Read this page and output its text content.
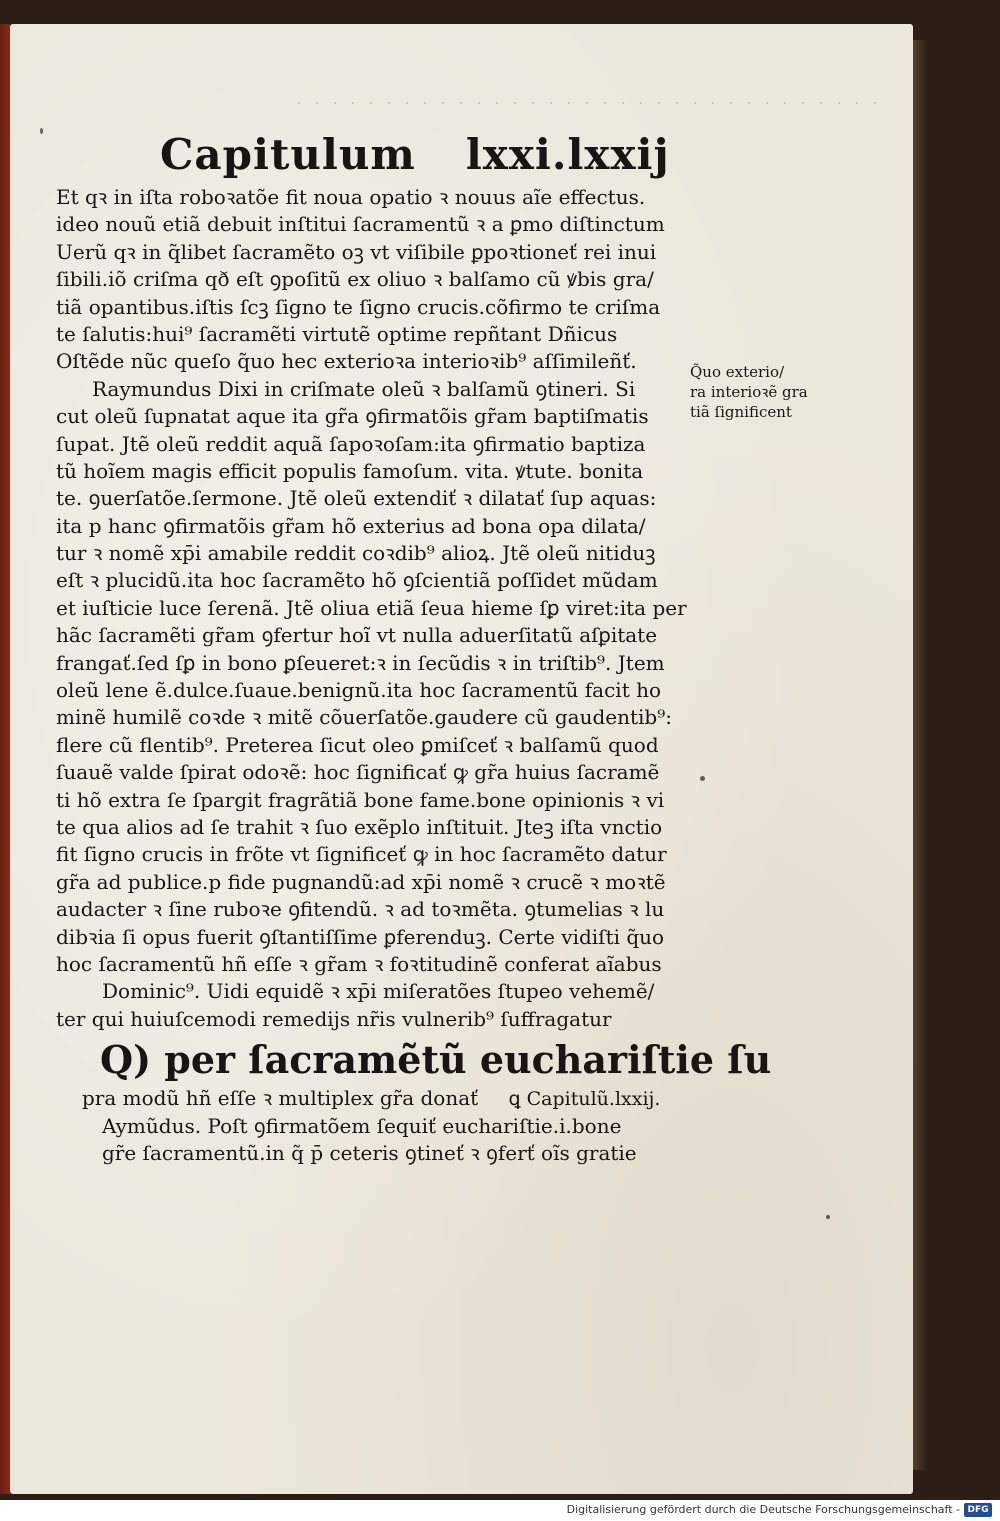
Capitulum lxxi.lxxij
Et qꝛ in iſta roboꝛatõe fit noua opatio ꝛ nouus aĩe effectus.
ideo nouũ etiã debuit inſtitui ſacramentũ ꝛ a ꝑmo diſtinctum
Uerũ qꝛ in q̃libet ſacramẽto oꝫ vt viſibile ꝑpoꝛtioneť rei inui
ſibili.iõ criſma qð eſt ꝯpoſitũ ex oliuo ꝛ balſamo cũ ꝟbis gra/
tiã opantibus.iſtis ſcꝫ ſigno te ſigno crucis.cõfirmo te criſma
te ſalutis:hui⁹ ſacramẽti virtutẽ optime repñtant Dñicus
Oſtẽde nũc queſo q̃uo hec exterioꝛa interioꝛib⁹ aſſimileñť.
Raymundus Dixi in criſmate oleũ ꝛ balſamũ ꝯtineri. Si
cut oleũ ſupnatat aque ita gr̃a ꝯfirmatõis gr̃am baptiſmatis
ſupat. Jtẽ oleũ reddit aquã ſapoꝛoſam:ita ꝯfirmatio baptiza
tũ hoĩem magis efficit populis famoſum. vita. ꝟtute. bonita
te. ꝯuerſatõe.ſermone. Jtẽ oleũ extendiť ꝛ dilatať ſup aquas:
ita p hanc ꝯfirmatõis gr̃am hõ exterius ad bona opa dilata/
tur ꝛ nomẽ xp̄i amabile reddit coꝛdib⁹ alioꝝ. Jtẽ oleũ nitiduꝫ
eſt ꝛ plucidũ.ita hoc ſacramẽto hõ ꝯſcientiã poſſidet mũdam
et iuſticie luce ſerenã. Jtẽ oliua etiã ſeua hieme ſꝑ viret:ita per
hãc ſacramẽti gr̃am ꝯfertur hoĩ vt nulla aduerſitatũ aſꝑitate
frangať.ſed ſꝑ in bono ꝑſeueret:ꝛ in ſecũdis ꝛ in triſtib⁹. Jtem
oleũ lene ẽ.dulce.ſuaue.benignũ.ita hoc ſacramentũ facit ho
minẽ humilẽ coꝛde ꝛ mitẽ cõuerſatõe.gaudere cũ gaudentib⁹:
flere cũ flentib⁹. Preterea ſicut oleo ꝑmiſceť ꝛ balſamũ quod
ſuauẽ valde ſpirat odoꝛẽ: hoc ſignificať ꝙ gr̃a huius ſacramẽ
ti hõ extra ſe ſpargit fragrãtiã bone fame.bone opinionis ꝛ vi
te qua alios ad ſe trahit ꝛ ſuo exẽplo inſtituit. Jteꝫ iſta vnctio
fit ſigno crucis in frõte vt ſignificeť ꝙ in hoc ſacramẽto datur
gr̃a ad publice.p fide pugnandũ:ad xp̄i nomẽ ꝛ crucẽ ꝛ moꝛtẽ
audacter ꝛ ſine ruboꝛe ꝯfitendũ. ꝛ ad toꝛmẽta. ꝯtumelias ꝛ lu
dibꝛia ſi opus fuerit ꝯſtantiſſime ꝑferenduꝫ. Certe vidiſti q̃uo
hoc ſacramentũ hñ eſſe ꝛ gr̃am ꝛ foꝛtitudinẽ conferat aĩabus
Dominic⁹. Uidi equidẽ ꝛ xp̄i miſeratões ſtupeo vehemẽ/
ter qui huiuſcemodi remedijs nr̃is vulnerib⁹ ſuffragatur
Q) per ſacramẽtũ euchariſtie ſu
pra modũ hñ eſſe ꝛ multiplex gr̃a donať ꝗ Capitulũ.lxxij.
Aymũdus. Poſt ꝯfirmatõem ſequiť euchariſtie.i.bone
gr̃e ſacramentũ.in q̃ p̄ ceteris ꝯtineť ꝛ ꝯferť oĩs gratie
Q̃uo exterio/
ra interioꝛẽ gra
tiã ſignificent
Digitalisierung gefördert durch die Deutsche Forschungsgemeinschaft - DFG
